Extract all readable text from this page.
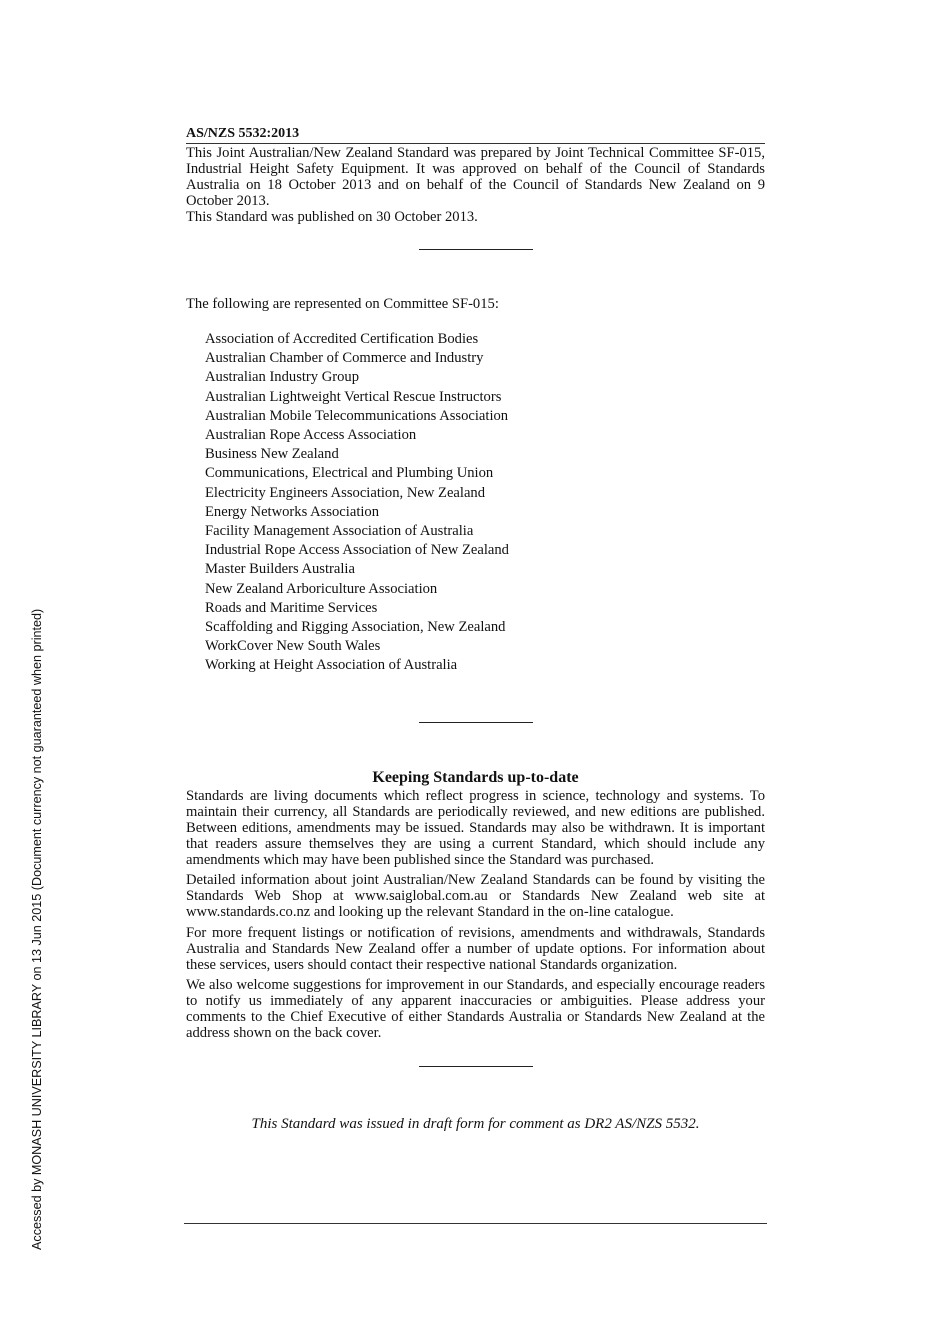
Accessed by MONASH UNIVERSITY LIBRARY on 13 Jun 2015 (Document currency not guaranteed when printed)

AS/NZS 5532:2013

This Joint Australian/New Zealand Standard was prepared by Joint Technical Committee SF-015, Industrial Height Safety Equipment. It was approved on behalf of the Council of Standards Australia on 18 October 2013 and on behalf of the Council of Standards New Zealand on 9 October 2013.

This Standard was published on 30 October 2013.

The following are represented on Committee SF-015:

Association of Accredited Certification Bodies
Australian Chamber of Commerce and Industry
Australian Industry Group
Australian Lightweight Vertical Rescue Instructors
Australian Mobile Telecommunications Association
Australian Rope Access Association
Business New Zealand
Communications, Electrical and Plumbing Union
Electricity Engineers Association, New Zealand
Energy Networks Association
Facility Management Association of Australia
Industrial Rope Access Association of New Zealand
Master Builders Australia
New Zealand Arboriculture Association
Roads and Maritime Services
Scaffolding and Rigging Association, New Zealand
WorkCover New South Wales
Working at Height Association of Australia
Keeping Standards up-to-date

Standards are living documents which reflect progress in science, technology and systems. To maintain their currency, all Standards are periodically reviewed, and new editions are published. Between editions, amendments may be issued. Standards may also be withdrawn. It is important that readers assure themselves they are using a current Standard, which should include any amendments which may have been published since the Standard was purchased.

Detailed information about joint Australian/New Zealand Standards can be found by visiting the Standards Web Shop at www.saiglobal.com.au or Standards New Zealand web site at www.standards.co.nz and looking up the relevant Standard in the on-line catalogue.

For more frequent listings or notification of revisions, amendments and withdrawals, Standards Australia and Standards New Zealand offer a number of update options. For information about these services, users should contact their respective national Standards organization.

We also welcome suggestions for improvement in our Standards, and especially encourage readers to notify us immediately of any apparent inaccuracies or ambiguities. Please address your comments to the Chief Executive of either Standards Australia or Standards New Zealand at the address shown on the back cover.

This Standard was issued in draft form for comment as DR2 AS/NZS 5532.
